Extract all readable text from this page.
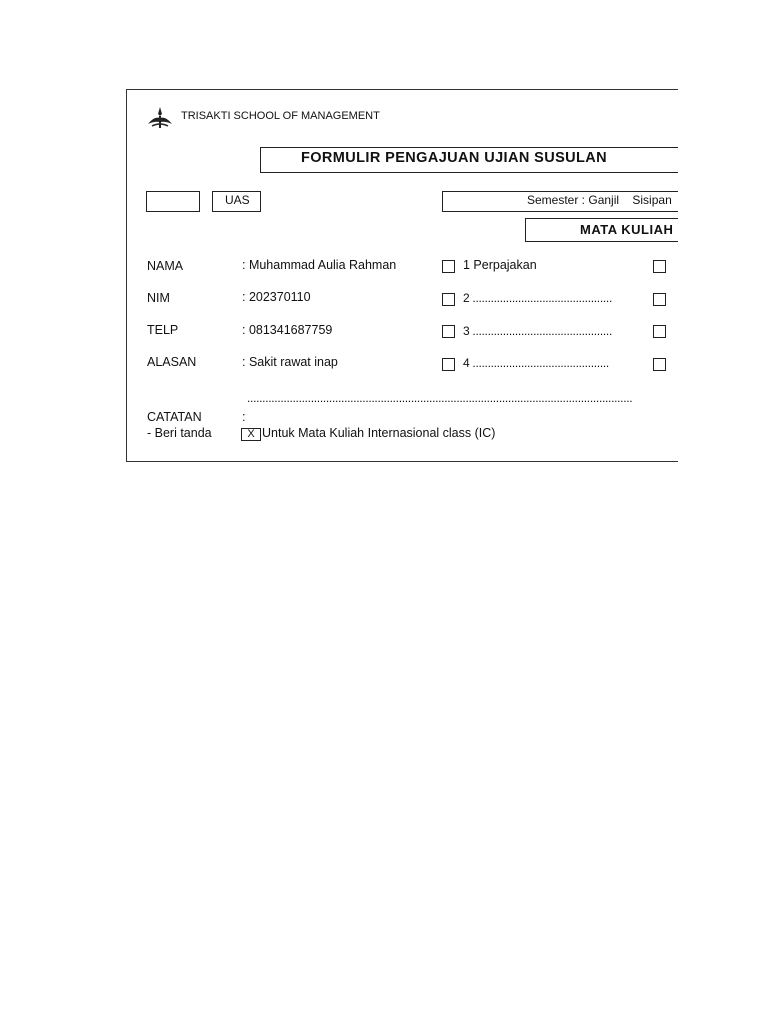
TRISAKTI SCHOOL OF MANAGEMENT
FORMULIR PENGAJUAN UJIAN SUSULAN
UAS	Semester : Ganjil Sisipan
MATA KULIAH
NAMA	: Muhammad Aulia Rahman
NIM	: 202370110
TELP	: 081341687759
ALASAN	: Sakit rawat inap
1 Perpajakan
2 ..............................................
3 ..............................................
4 .............................................
...............................................................................................................................
CATATAN	:
- Beri tanda	X Untuk Mata Kuliah Internasional class (IC)
